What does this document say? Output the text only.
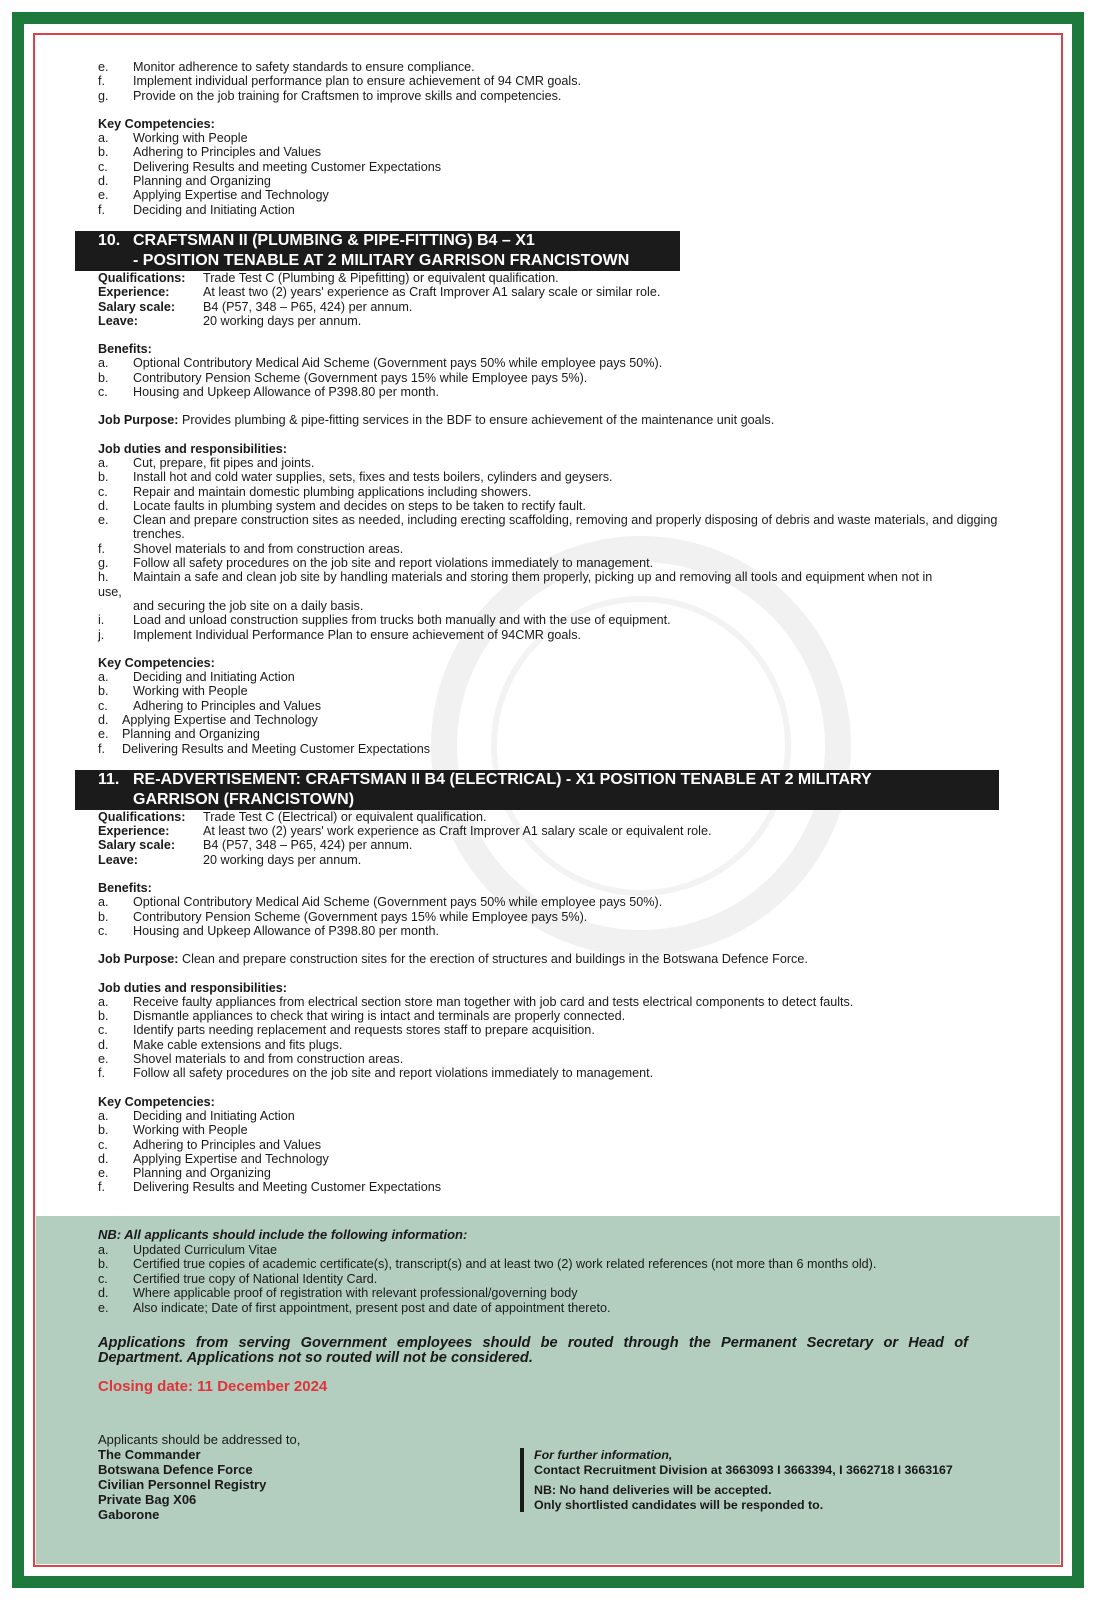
e.	Monitor adherence to safety standards to ensure compliance.
f.	Implement individual performance plan to ensure achievement of 94 CMR goals.
g.	Provide on the job training for Craftsmen to improve skills and competencies.
Key Competencies:
a.	Working with People
b.	Adhering to Principles and Values
c.	Delivering Results and meeting Customer Expectations
d.	Planning and Organizing
e.	Applying Expertise and Technology
f.	Deciding and Initiating Action
10. CRAFTSMAN II (PLUMBING & PIPE-FITTING) B4 – X1
- POSITION TENABLE AT 2 MILITARY GARRISON FRANCISTOWN
Qualifications:	Trade Test C (Plumbing & Pipefitting) or equivalent qualification.
Experience:	At least two (2) years' experience as Craft Improver A1 salary scale or similar role.
Salary scale:	B4 (P57, 348 – P65, 424) per annum.
Leave:	20 working days per annum.
Benefits:
a.	Optional Contributory Medical Aid Scheme (Government pays 50% while employee pays 50%).
b.	Contributory Pension Scheme (Government pays 15% while Employee pays 5%).
c.	Housing and Upkeep Allowance of P398.80 per month.
Job Purpose: Provides plumbing & pipe-fitting services in the BDF to ensure achievement of the maintenance unit goals.
Job duties and responsibilities:
a.	Cut, prepare, fit pipes and joints.
b.	Install hot and cold water supplies, sets, fixes and tests boilers, cylinders and geysers.
c.	Repair and maintain domestic plumbing applications including showers.
d.	Locate faults in plumbing system and decides on steps to be taken to rectify fault.
e.	Clean and prepare construction sites as needed, including erecting scaffolding, removing and properly disposing of debris and waste materials, and digging trenches.
f.	Shovel materials to and from construction areas.
g.	Follow all safety procedures on the job site and report violations immediately to management.
h.	Maintain a safe and clean job site by handling materials and storing them properly, picking up and removing all tools and equipment when not in
use,
and securing the job site on a daily basis.
i.	Load and unload construction supplies from trucks both manually and with the use of equipment.
j.	Implement Individual Performance Plan to ensure achievement of 94CMR goals.
Key Competencies:
a.	Deciding and Initiating Action
b.	Working with People
c.	Adhering to Principles and Values
d.	Applying Expertise and Technology
e.	Planning and Organizing
f.	Delivering Results and Meeting Customer Expectations
11. RE-ADVERTISEMENT: CRAFTSMAN II B4 (ELECTRICAL) - X1 POSITION TENABLE AT 2 MILITARY
GARRISON (FRANCISTOWN)
Qualifications:	Trade Test C (Electrical) or equivalent qualification.
Experience:	At least two (2) years' work experience as Craft Improver A1 salary scale or equivalent role.
Salary scale:	B4 (P57, 348 – P65, 424) per annum.
Leave:	20 working days per annum.
Benefits:
a.	Optional Contributory Medical Aid Scheme (Government pays 50% while employee pays 50%).
b.	Contributory Pension Scheme (Government pays 15% while Employee pays 5%).
c.	Housing and Upkeep Allowance of P398.80 per month.
Job Purpose: Clean and prepare construction sites for the erection of structures and buildings in the Botswana Defence Force.
Job duties and responsibilities:
a.	Receive faulty appliances from electrical section store man together with job card and tests electrical components to detect faults.
b.	Dismantle appliances to check that wiring is intact and terminals are properly connected.
c.	Identify parts needing replacement and requests stores staff to prepare acquisition.
d.	Make cable extensions and fits plugs.
e.	Shovel materials to and from construction areas.
f.	Follow all safety procedures on the job site and report violations immediately to management.
Key Competencies:
a.	Deciding and Initiating Action
b.	Working with People
c.	Adhering to Principles and Values
d.	Applying Expertise and Technology
e.	Planning and Organizing
f.	Delivering Results and Meeting Customer Expectations
NB: All applicants should include the following information:
a.	Updated Curriculum Vitae
b.	Certified true copies of academic certificate(s), transcript(s) and at least two (2) work related references (not more than 6 months old).
c.	Certified true copy of National Identity Card.
d.	Where applicable proof of registration with relevant professional/governing body
e.	Also indicate; Date of first appointment, present post and date of appointment thereto.
Applications from serving Government employees should be routed through the Permanent Secretary or Head of Department. Applications not so routed will not be considered.
Closing date: 11 December 2024
Applicants should be addressed to,
The Commander
Botswana Defence Force
Civilian Personnel Registry
Private Bag X06
Gaborone
For further information,
Contact Recruitment Division at 3663093 I 3663394, I 3662718 I 3663167
NB: No hand deliveries will be accepted.
Only shortlisted candidates will be responded to.
